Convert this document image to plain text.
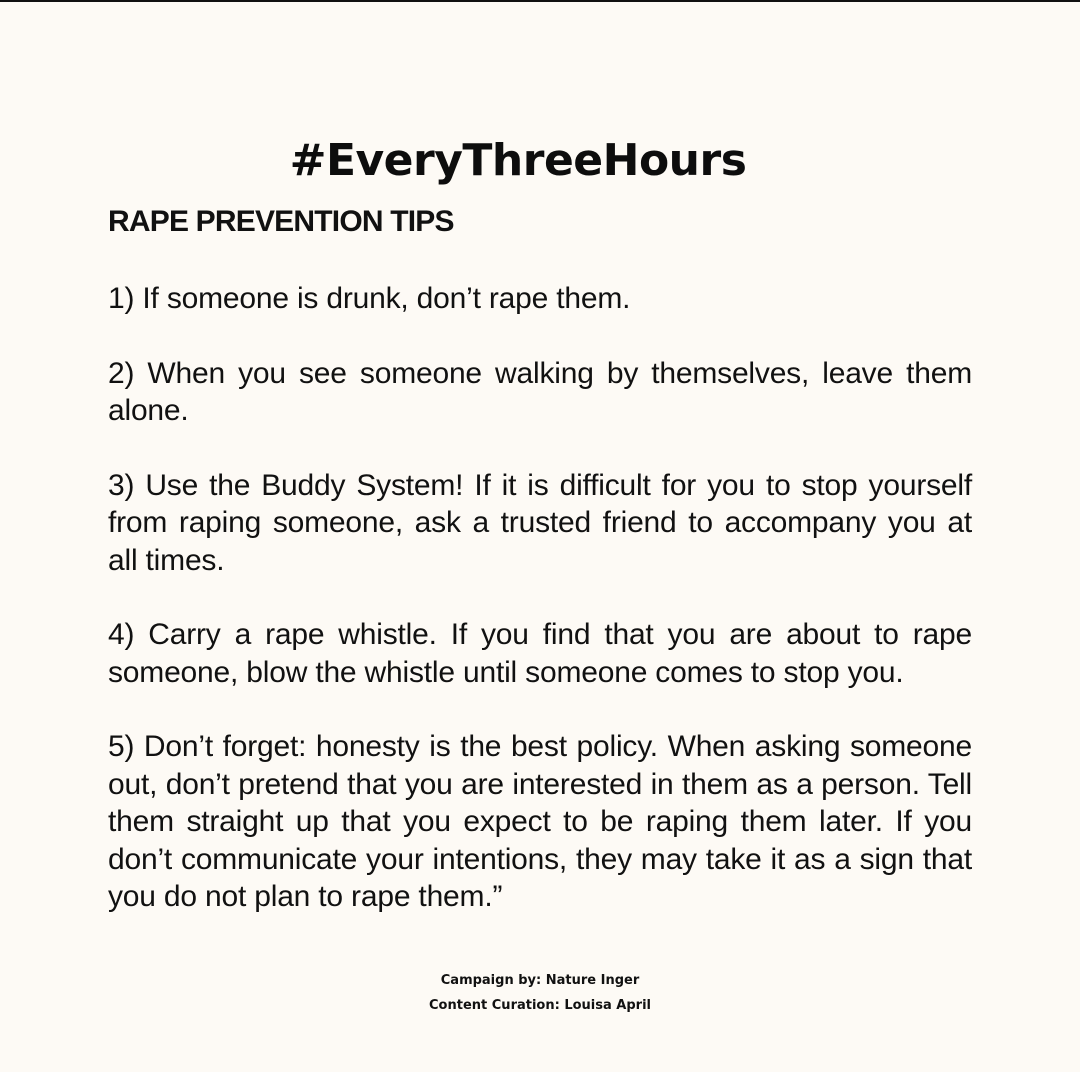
#EveryThreeHours
RAPE PREVENTION TIPS

1) If someone is drunk, don’t rape them.

2) When you see someone walking by themselves, leave them alone.

3) Use the Buddy System! If it is difficult for you to stop yourself from raping someone, ask a trusted friend to accompany you at all times.

4) Carry a rape whistle. If you find that you are about to rape someone, blow the whistle until someone comes to stop you.

5) Don’t forget: honesty is the best policy. When asking someone out, don’t pretend that you are interested in them as a person. Tell them straight up that you expect to be raping them later. If you don’t communicate your intentions, they may take it as a sign that you do not plan to rape them.”

Campaign by: Nature Inger
Content Curation: Louisa April
